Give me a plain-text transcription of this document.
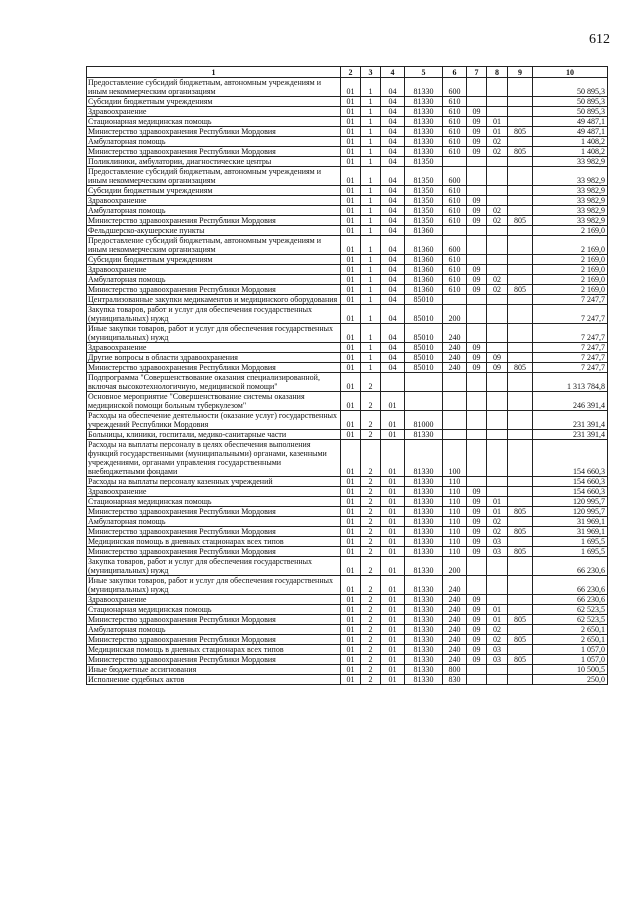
612
1	2	3	4	5	6	7	8	9	10
Предоставление субсидий бюджетным, автономным учреждениям и иным некоммерческим организациям	01	1	04	81330	600				50 895,3
Субсидии бюджетным учреждениям	01	1	04	81330	610				50 895,3
Здравоохранение	01	1	04	81330	610	09			50 895,3
Стационарная медицинская помощь	01	1	04	81330	610	09	01		49 487,1
Министерство здравоохранения Республики Мордовия	01	1	04	81330	610	09	01	805	49 487,1
Амбулаторная помощь	01	1	04	81330	610	09	02		1 408,2
Министерство здравоохранения Республики Мордовия	01	1	04	81330	610	09	02	805	1 408,2
Поликлиники, амбулатории, диагностические центры	01	1	04	81350					33 982,9
Предоставление субсидий бюджетным, автономным учреждениям и иным некоммерческим организациям	01	1	04	81350	600				33 982,9
Субсидии бюджетным учреждениям	01	1	04	81350	610				33 982,9
Здравоохранение	01	1	04	81350	610	09			33 982,9
Амбулаторная помощь	01	1	04	81350	610	09	02		33 982,9
Министерство здравоохранения Республики Мордовия	01	1	04	81350	610	09	02	805	33 982,9
Фельдшерско-акушерские пункты	01	1	04	81360					2 169,0
Предоставление субсидий бюджетным, автономным учреждениям и иным некоммерческим организациям	01	1	04	81360	600				2 169,0
Субсидии бюджетным учреждениям	01	1	04	81360	610				2 169,0
Здравоохранение	01	1	04	81360	610	09			2 169,0
Амбулаторная помощь	01	1	04	81360	610	09	02		2 169,0
Министерство здравоохранения Республики Мордовия	01	1	04	81360	610	09	02	805	2 169,0
Централизованные закупки медикаментов и медицинского оборудования	01	1	04	85010					7 247,7
Закупка товаров, работ и услуг для обеспечения государственных (муниципальных) нужд	01	1	04	85010	200				7 247,7
Иные закупки товаров, работ и услуг для обеспечения государственных (муниципальных) нужд	01	1	04	85010	240				7 247,7
Здравоохранение	01	1	04	85010	240	09			7 247,7
Другие вопросы в области здравоохранения	01	1	04	85010	240	09	09		7 247,7
Министерство здравоохранения Республики Мордовия	01	1	04	85010	240	09	09	805	7 247,7
Подпрограмма "Совершенствование оказания специализированной, включая высокотехнологичную, медицинской помощи"	01	2							1 313 784,8
Основное мероприятие "Совершенствование системы оказания медицинской помощи больным туберкулезом"	01	2	01						246 391,4
Расходы на обеспечение деятельности (оказание услуг) государственных учреждений Республики Мордовия	01	2	01	81000					231 391,4
Больницы, клиники, госпитали, медико-санитарные части	01	2	01	81330					231 391,4
Расходы на выплаты персоналу в целях обеспечения выполнения функций государственными (муниципальными) органами, казенными учреждениями, органами управления государственными внебюджетными фондами	01	2	01	81330	100				154 660,3
Расходы на выплаты персоналу казенных учреждений	01	2	01	81330	110				154 660,3
Здравоохранение	01	2	01	81330	110	09			154 660,3
Стационарная медицинская помощь	01	2	01	81330	110	09	01		120 995,7
Министерство здравоохранения Республики Мордовия	01	2	01	81330	110	09	01	805	120 995,7
Амбулаторная помощь	01	2	01	81330	110	09	02		31 969,1
Министерство здравоохранения Республики Мордовия	01	2	01	81330	110	09	02	805	31 969,1
Медицинская помощь в дневных стационарах всех типов	01	2	01	81330	110	09	03		1 695,5
Министерство здравоохранения Республики Мордовия	01	2	01	81330	110	09	03	805	1 695,5
Закупка товаров, работ и услуг для обеспечения государственных (муниципальных) нужд	01	2	01	81330	200				66 230,6
Иные закупки товаров, работ и услуг для обеспечения государственных (муниципальных) нужд	01	2	01	81330	240				66 230,6
Здравоохранение	01	2	01	81330	240	09			66 230,6
Стационарная медицинская помощь	01	2	01	81330	240	09	01		62 523,5
Министерство здравоохранения Республики Мордовия	01	2	01	81330	240	09	01	805	62 523,5
Амбулаторная помощь	01	2	01	81330	240	09	02		2 650,1
Министерство здравоохранения Республики Мордовия	01	2	01	81330	240	09	02	805	2 650,1
Медицинская помощь в дневных стационарах всех типов	01	2	01	81330	240	09	03		1 057,0
Министерство здравоохранения Республики Мордовия	01	2	01	81330	240	09	03	805	1 057,0
Иные бюджетные ассигнования	01	2	01	81330	800				10 500,5
Исполнение судебных актов	01	2	01	81330	830				250,0
